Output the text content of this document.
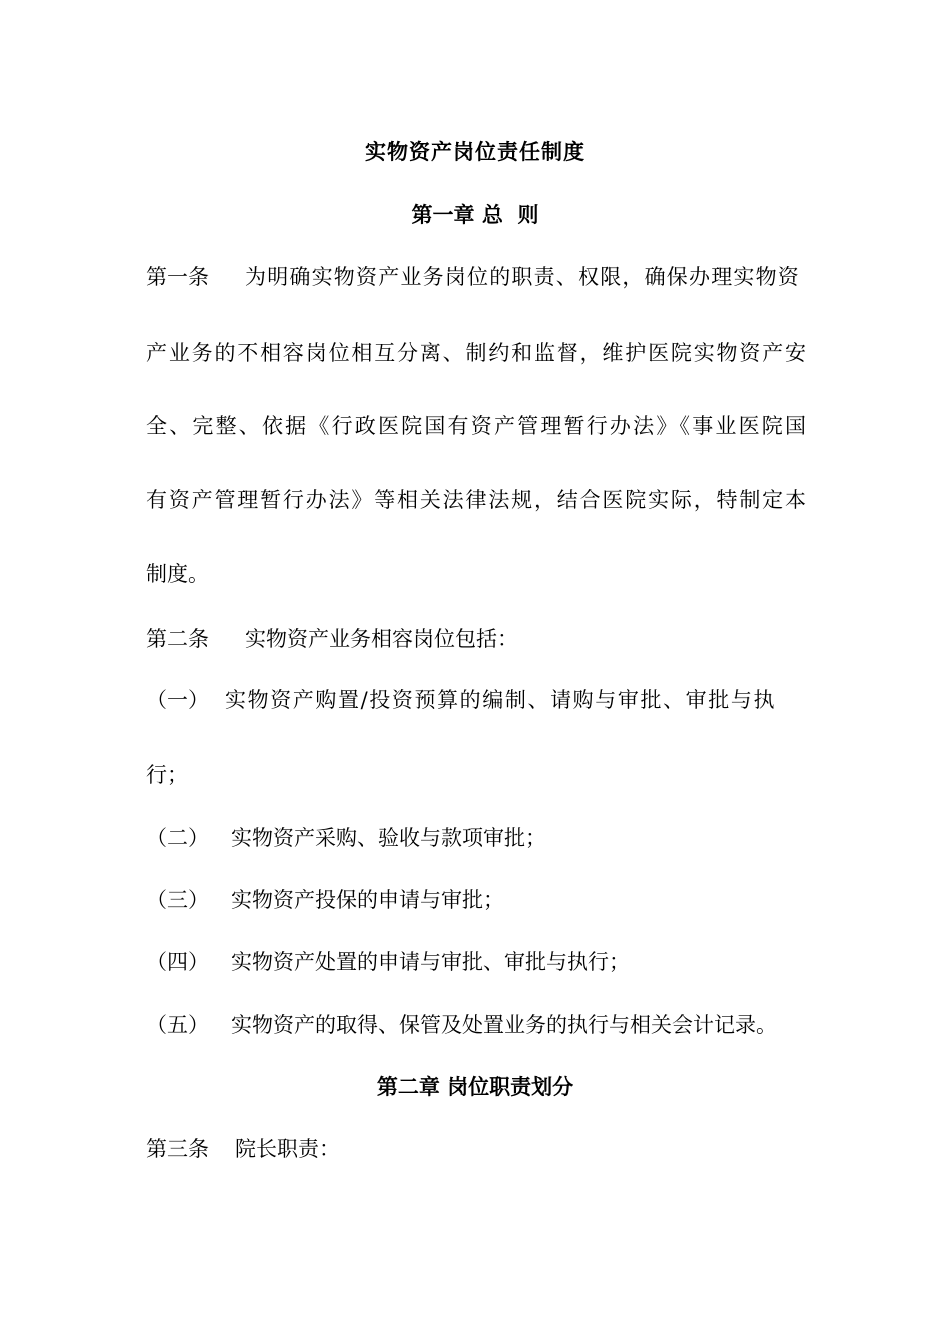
实物资产岗位责任制度
第一章 总  则
第一条 为明确实物资产业务岗位的职责、权限，确保办理实物资
产业务的不相容岗位相互分离、制约和监督，维护医院实物资产安
全、完整、依据《行政医院国有资产管理暂行办法》《事业医院国
有资产管理暂行办法》等相关法律法规，结合医院实际，特制定本
制度。
第二条 实物资产业务相容岗位包括：
（一） 实物资产购置/投资预算的编制、请购与审批、审批与执
行；
（二） 实物资产采购、验收与款项审批；
（三） 实物资产投保的申请与审批；
（四） 实物资产处置的申请与审批、审批与执行；
（五） 实物资产的取得、保管及处置业务的执行与相关会计记录。
第二章 岗位职责划分
第三条 院长职责：
